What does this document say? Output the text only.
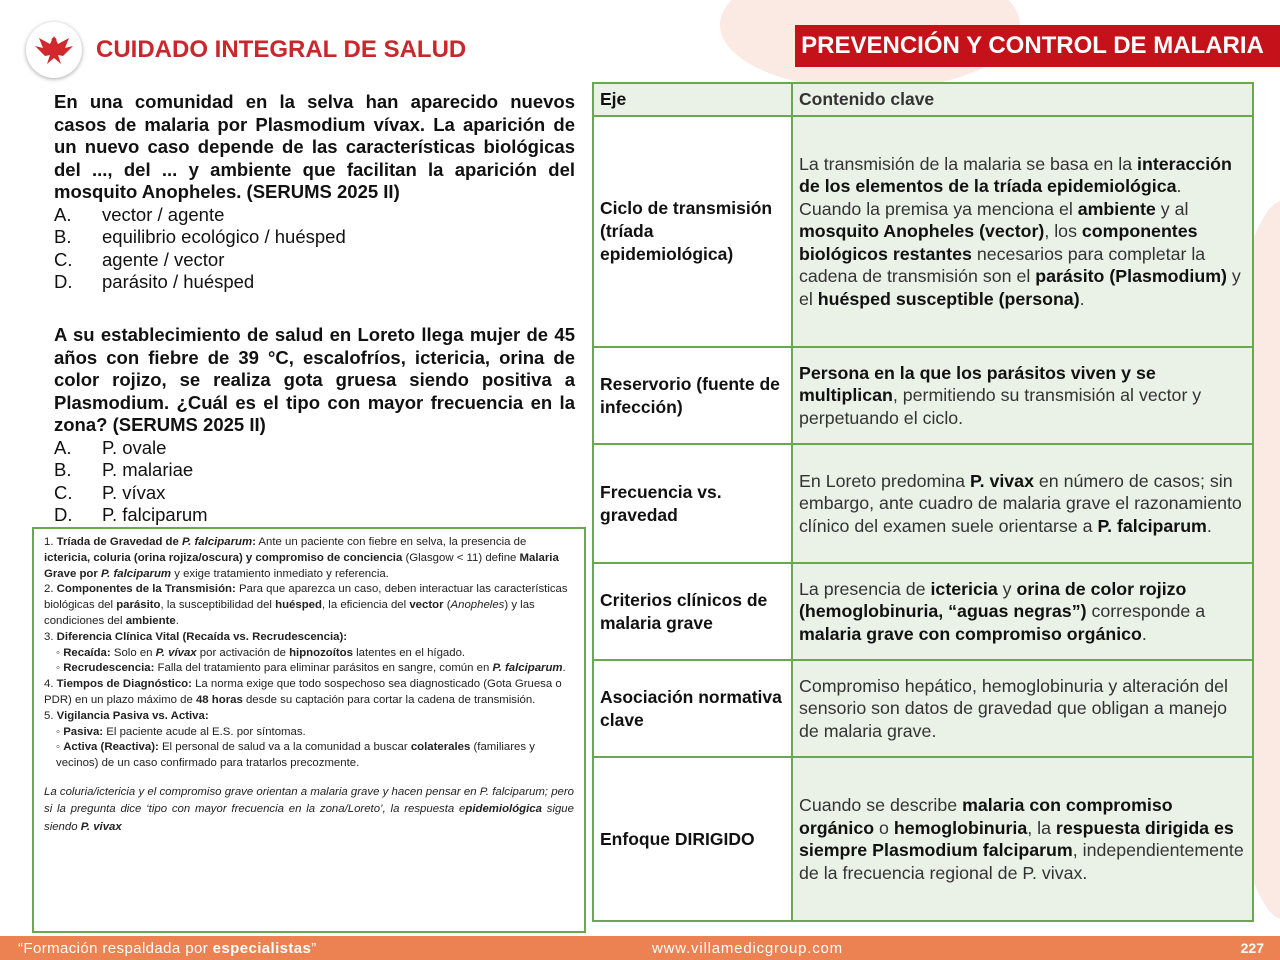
CUIDADO INTEGRAL DE SALUD	PREVENCIÓN Y CONTROL DE MALARIA

En una comunidad en la selva han aparecido nuevos casos de malaria por Plasmodium vívax. La aparición de un nuevo caso depende de las características biológicas del ..., del ... y ambiente que facilitan la aparición del mosquito Anopheles. (SERUMS 2025 II)

A.	vector / agente
B.	equilibrio ecológico / huésped
C.	agente / vector
D.	parásito / huésped

A su establecimiento de salud en Loreto llega mujer de 45 años con fiebre de 39 °C, escalofríos, ictericia, orina de color rojizo, se realiza gota gruesa siendo positiva a Plasmodium. ¿Cuál es el tipo con mayor frecuencia en la zona? (SERUMS 2025 II)

A.	P. ovale
B.	P. malariae
C.	P. vívax
D.	P. falciparum

1. Tríada de Gravedad de P. falciparum: Ante un paciente con fiebre en selva, la presencia de ictericia, coluria (orina rojiza/oscura) y compromiso de conciencia (Glasgow < 11) define Malaria Grave por P. falciparum y exige tratamiento inmediato y referencia.

2. Componentes de la Transmisión: Para que aparezca un caso, deben interactuar las características biológicas del parásito, la susceptibilidad del huésped, la eficiencia del vector (Anopheles) y las condiciones del ambiente.

3. Diferencia Clínica Vital (Recaída vs. Recrudescencia):

◦ Recaída: Solo en P. vívax por activación de hipnozoítos latentes en el hígado.

◦ Recrudescencia: Falla del tratamiento para eliminar parásitos en sangre, común en P. falciparum.

4. Tiempos de Diagnóstico: La norma exige que todo sospechoso sea diagnosticado (Gota Gruesa o PDR) en un plazo máximo de 48 horas desde su captación para cortar la cadena de transmisión.

5. Vigilancia Pasiva vs. Activa:

◦ Pasiva: El paciente acude al E.S. por síntomas.

◦ Activa (Reactiva): El personal de salud va a la comunidad a buscar colaterales (familiares y vecinos) de un caso confirmado para tratarlos precozmente.

La coluria/ictericia y el compromiso grave orientan a malaria grave y hacen pensar en P. falciparum; pero si la pregunta dice ‘tipo con mayor frecuencia en la zona/Loreto’, la respuesta epidemiológica sigue siendo P. vivax

Eje	Contenido clave
Ciclo de transmisión (tríada epidemiológica)	La transmisión de la malaria se basa en la interacción de los elementos de la tríada epidemiológica. Cuando la premisa ya menciona el ambiente y al mosquito Anopheles (vector), los componentes biológicos restantes necesarios para completar la cadena de transmisión son el parásito (Plasmodium) y el huésped susceptible (persona).
Reservorio (fuente de infección)	Persona en la que los parásitos viven y se multiplican, permitiendo su transmisión al vector y perpetuando el ciclo.
Frecuencia vs. gravedad	En Loreto predomina P. vivax en número de casos; sin embargo, ante cuadro de malaria grave el razonamiento clínico del examen suele orientarse a P. falciparum.
Criterios clínicos de malaria grave	La presencia de ictericia y orina de color rojizo (hemoglobinuria, “aguas negras”) corresponde a malaria grave con compromiso orgánico.
Asociación normativa clave	Compromiso hepático, hemoglobinuria y alteración del sensorio son datos de gravedad que obligan a manejo de malaria grave.
Enfoque DIRIGIDO	Cuando se describe malaria con compromiso orgánico o hemoglobinuria, la respuesta dirigida es siempre Plasmodium falciparum, independientemente de la frecuencia regional de P. vivax.
“Formación respaldada por especialistas”	www.villamedicgroup.com	227
